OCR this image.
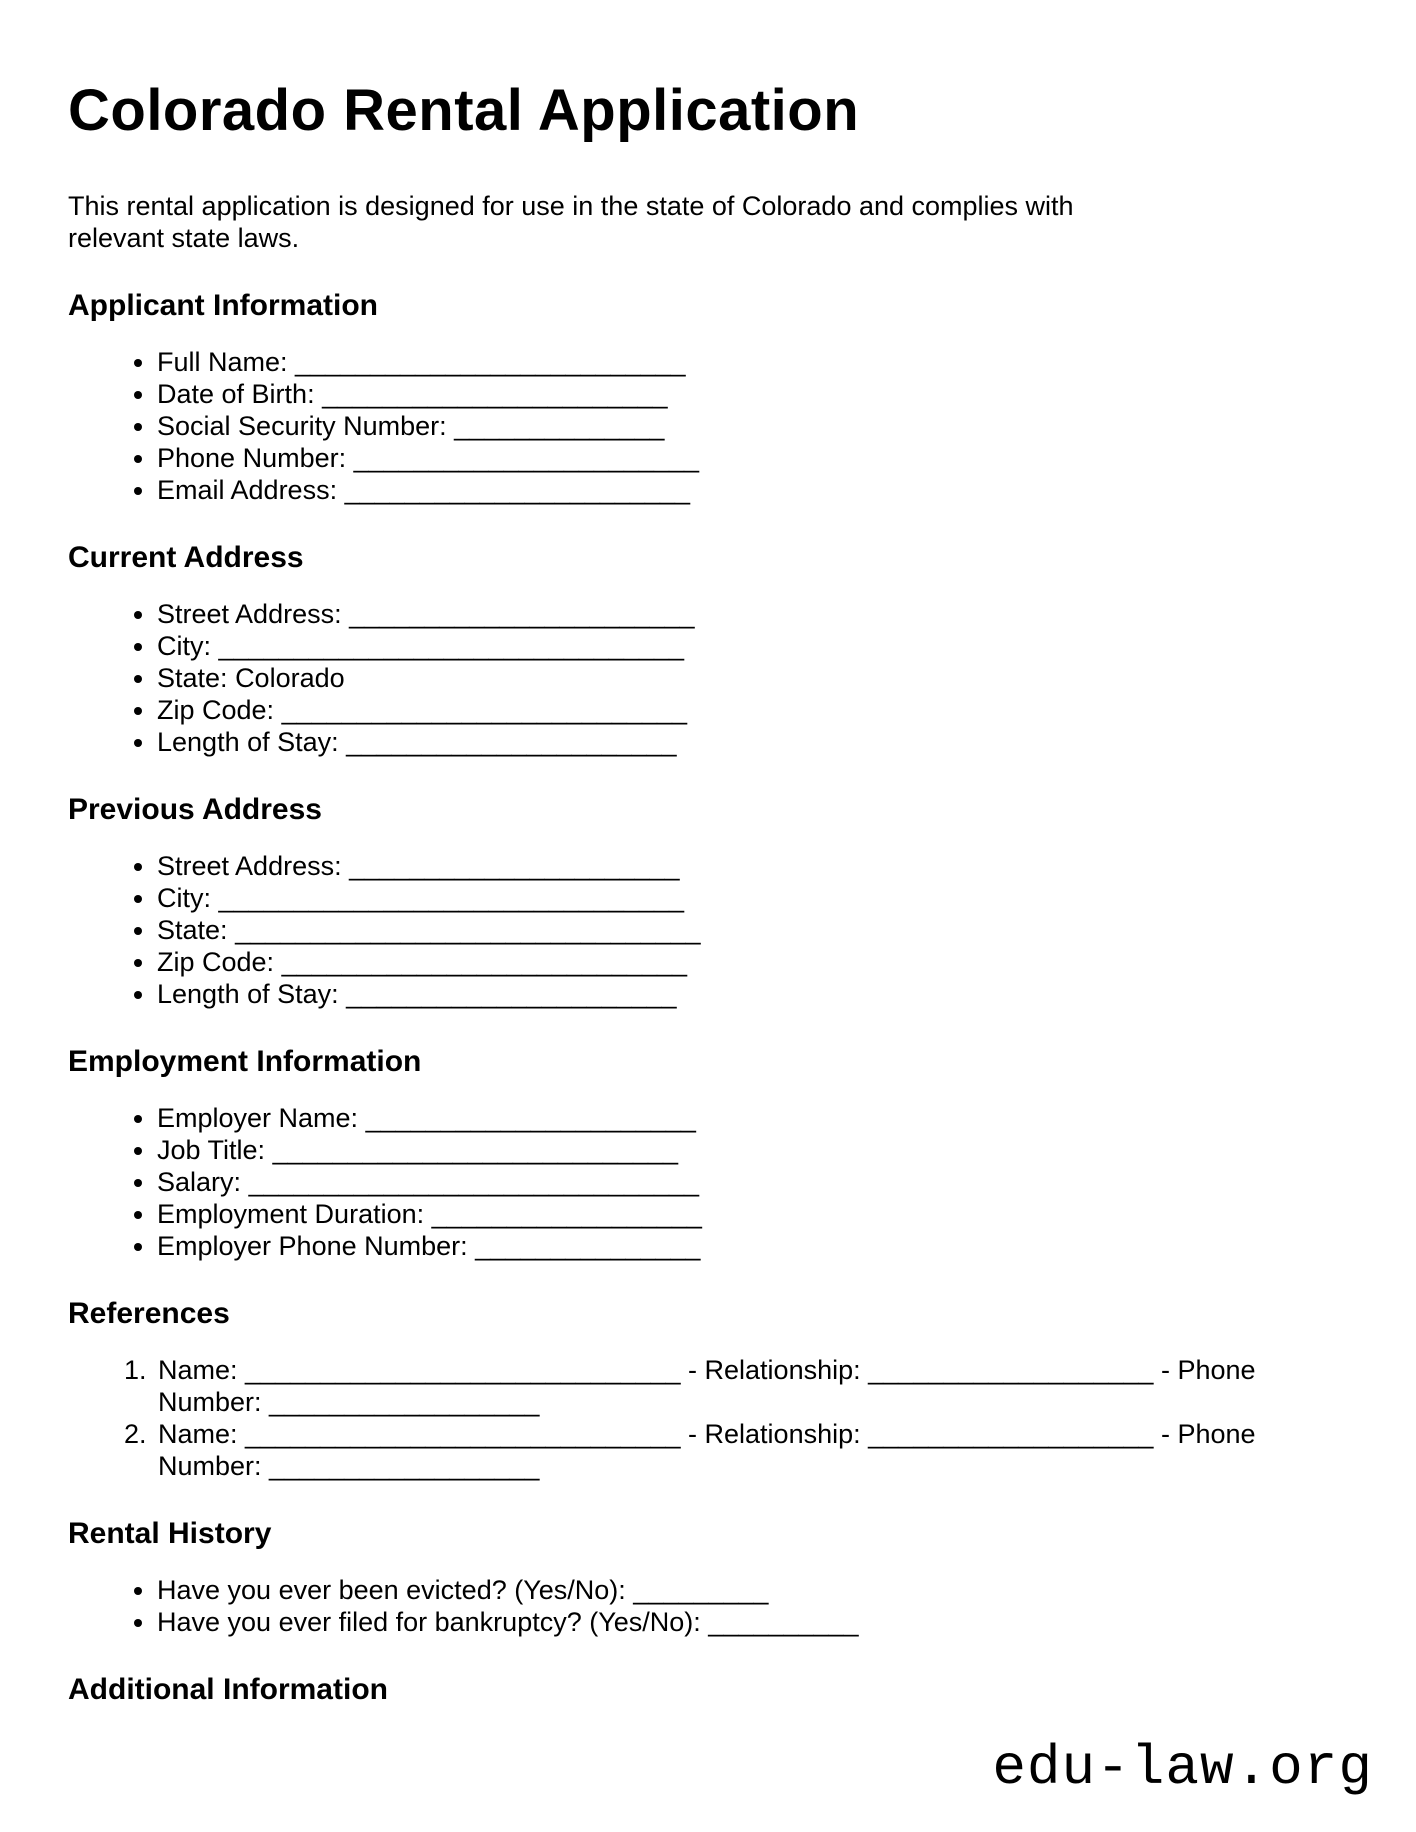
Colorado Rental Application

This rental application is designed for use in the state of Colorado and complies with
relevant state laws.

Applicant Information
• Full Name: __________________________
• Date of Birth: _______________________
• Social Security Number: ______________
• Phone Number: _______________________
• Email Address: _______________________
Current Address
• Street Address: _______________________
• City: _______________________________
• State: Colorado
• Zip Code: ___________________________
• Length of Stay: ______________________
Previous Address
• Street Address: ______________________
• City: _______________________________
• State: _______________________________
• Zip Code: ___________________________
• Length of Stay: ______________________
Employment Information
• Employer Name: ______________________
• Job Title: ___________________________
• Salary: ______________________________
• Employment Duration: __________________
• Employer Phone Number: _______________
References
1. Name: _____________________________ - Relationship: ___________________ - Phone
Number: __________________
2. Name: _____________________________ - Relationship: ___________________ - Phone
Number: __________________
Rental History
• Have you ever been evicted? (Yes/No): _________
• Have you ever filed for bankruptcy? (Yes/No): __________
Additional Information
edu-law.org
